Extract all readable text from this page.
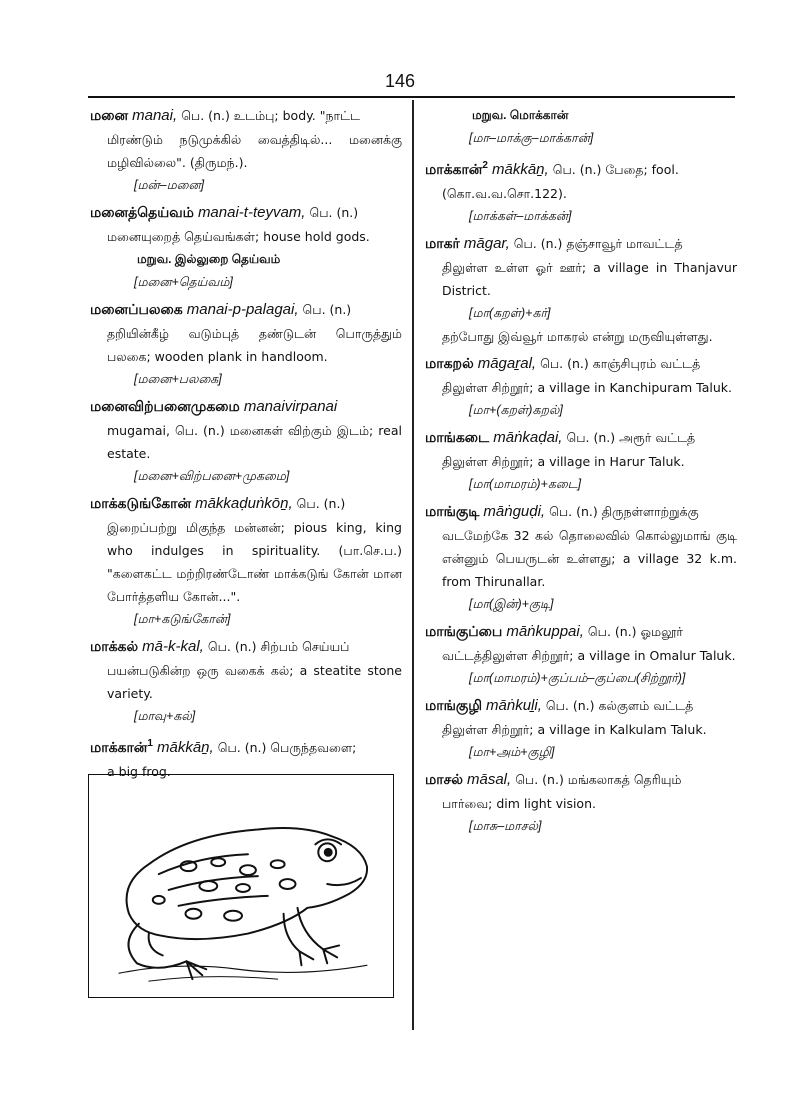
146

மனை manai, பெ. (n.) உடம்பு; body. "நாட்ட

மிரண்டும் நடுமுக்கில் வைத்திடில்... மனைக்கு மழிவில்லை". (திருமந்.).

[மன்–மனை]

மனைத்தெய்வம் manai-t-teyvam, பெ. (n.)

மனையுறைத் தெய்வங்கள்; house hold gods.

மறுவ. இல்லுறை தெய்வம்

[மனை+தெய்வம்]

மனைப்பலகை manai-p-palagai, பெ. (n.)

தறியின்கீழ் வடும்புத் தண்டுடன் பொருத்தும் பலகை; wooden plank in handloom.

[மனை+பலகை]

மனைவிற்பனைமுகமை manaivirpanai

mugamai, பெ. (n.) மனைகள் விற்கும் இடம்; real estate.

[மனை+விற்பனை+முகமை]

மாக்கடுங்கோன் mākkaḍuṅkōṉ, பெ. (n.)

இறைப்பற்று மிகுந்த மன்னன்; pious king, king who indulges in spirituality. (பா.செ.ப.) "களைகட்ட மற்றிரண்டோண் மாக்கடுங் கோன் மான போர்த்தளிய கோன்...".

[மா+கடுங்கோன்]

மாக்கல் mā-k-kal, பெ. (n.) சிற்பம் செய்யப்

பயன்படுகின்ற ஒரு வகைக் கல்; a steatite stone variety.

[மாவு+கல்]

மாக்கான்$^1$ mākkāṉ, பெ. (n.) பெருந்தவளை;

a big frog.

மறுவ. மொக்கான்

[மா–மாக்கு–மாக்கான்]

மாக்கான்$^2$ mākkāṉ, பெ. (n.) பேதை; fool.

(கொ.வ.வ.சொ.122).

[மாக்கள்–மாக்கன்]

மாகர் māgar, பெ. (n.) தஞ்சாவூர் மாவட்டத்

திலுள்ள உள்ள ஓர் ஊர்; a village in Thanjavur District.

[மா(கறள்)+கர்]

தற்போது இவ்வூர் மாகரல் என்று மருவியுள்ளது.

மாகறல் māgaṟal, பெ. (n.) காஞ்சிபுரம் வட்டத்

திலுள்ள சிற்றூர்; a village in Kanchipuram Taluk.

[மா+(கறள்)கறல்]

மாங்கடை māṅkaḍai, பெ. (n.) அரூர் வட்டத்

திலுள்ள சிற்றூர்; a village in Harur Taluk.

[மா(மாமரம்)+கடை]

மாங்குடி māṅguḍi, பெ. (n.) திருநள்ளாற்றுக்கு

வடமேற்கே 32 கல் தொலைவில் கொல்லுமாங் குடி என்னும் பெயருடன் உள்ளது; a village 32 k.m. from Thirunallar.

[மா(இன்)+குடி]

மாங்குப்பை māṅkuppai, பெ. (n.) ஓமலூர்

வட்டத்திலுள்ள சிற்றூர்; a village in Omalur Taluk.

[மா(மாமரம்)+குப்பம்–குப்பை(சிற்றூர்)]

மாங்குழி māṅkuḻi, பெ. (n.) கல்குளம் வட்டத்

திலுள்ள சிற்றூர்; a village in Kalkulam Taluk.

[மா+அம்+குழி]

மாசல் māsal, பெ. (n.) மங்கலாகத் தெரியும்

பார்வை; dim light vision.

[மாசு–மாசல்]
